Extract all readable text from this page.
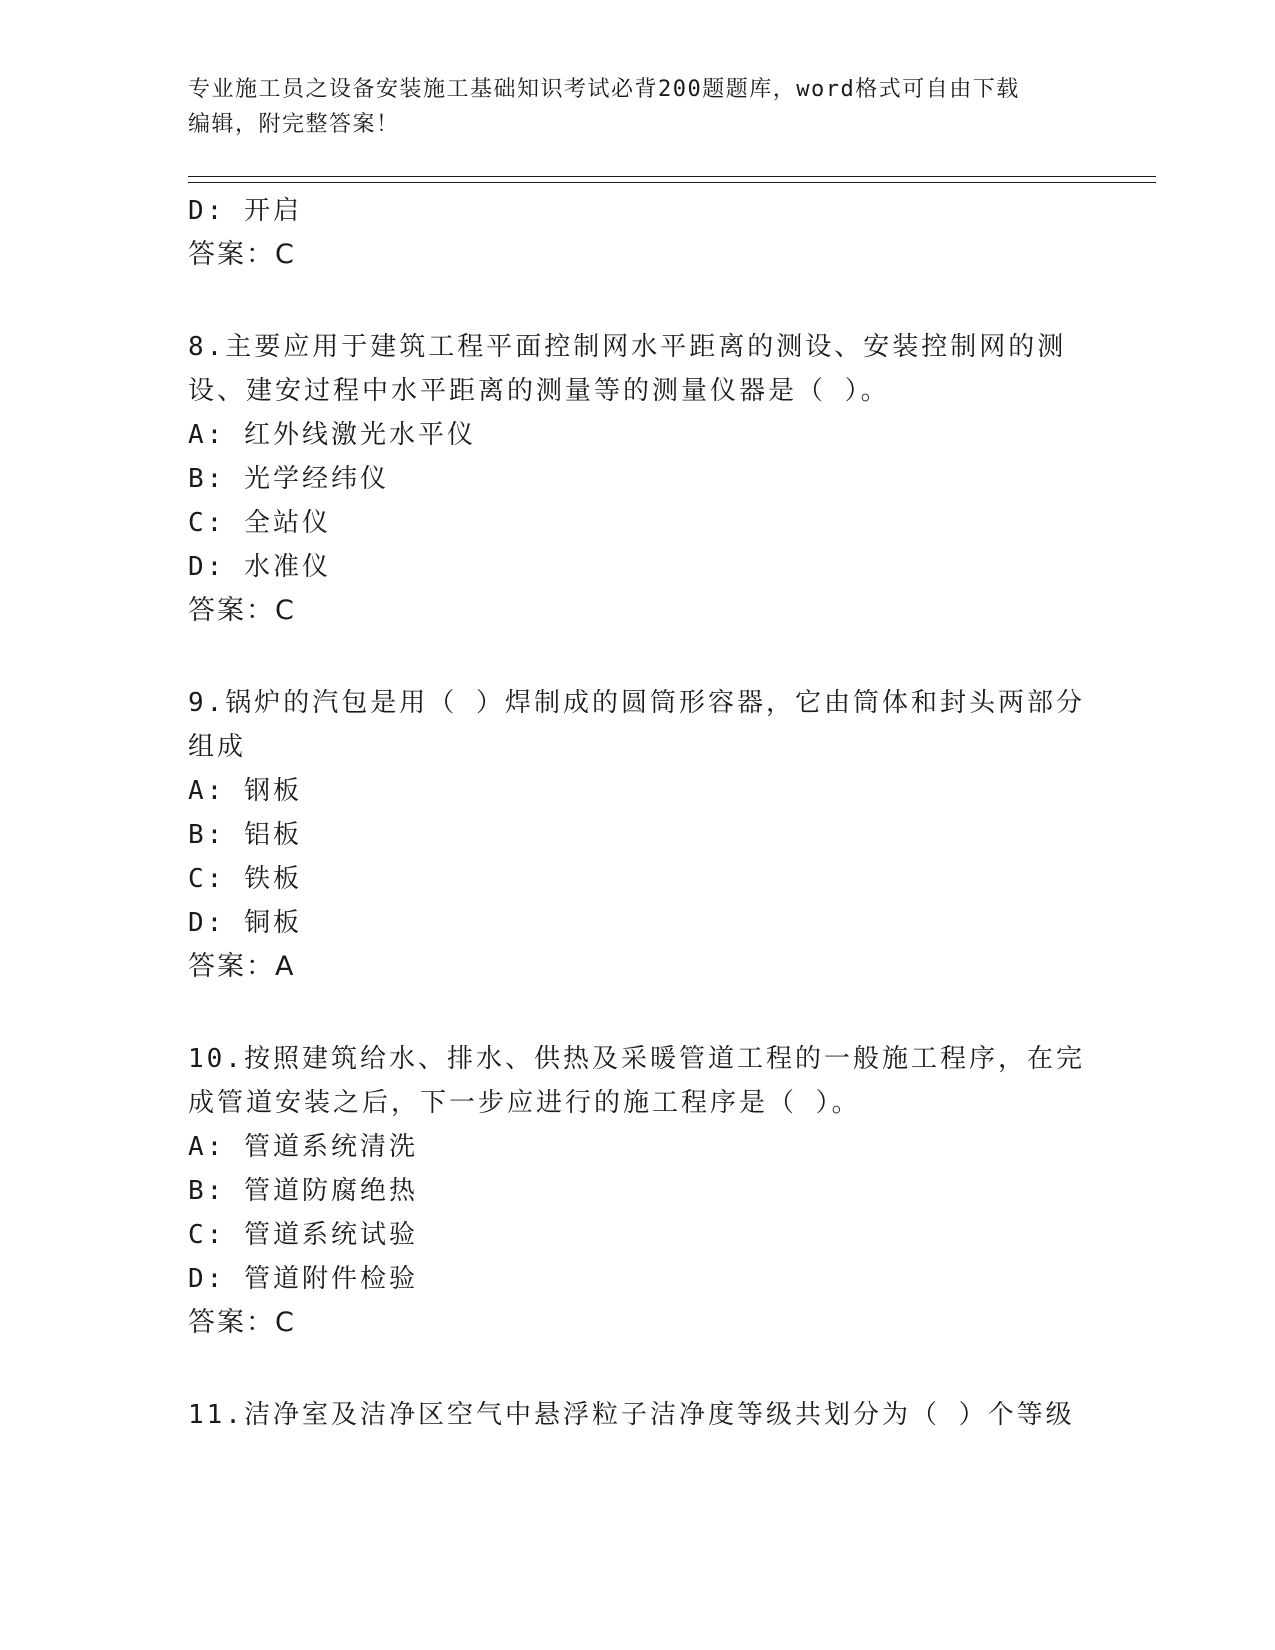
专业施工员之设备安装施工基础知识考试必背200题题库，word格式可自由下载
编辑，附完整答案！
D: 开启
答案：C
8.主要应用于建筑工程平面控制网水平距离的测设、安装控制网的测
设、建安过程中水平距离的测量等的测量仪器是（ ）。
A: 红外线激光水平仪
B: 光学经纬仪
C: 全站仪
D: 水准仪
答案：C
9.锅炉的汽包是用（ ）焊制成的圆筒形容器，它由筒体和封头两部分
组成
A: 钢板
B: 铝板
C: 铁板
D: 铜板
答案：A
10.按照建筑给水、排水、供热及采暖管道工程的一般施工程序，在完
成管道安装之后，下一步应进行的施工程序是（ ）。
A: 管道系统清洗
B: 管道防腐绝热
C: 管道系统试验
D: 管道附件检验
答案：C
11.洁净室及洁净区空气中悬浮粒子洁净度等级共划分为（ ）个等级
